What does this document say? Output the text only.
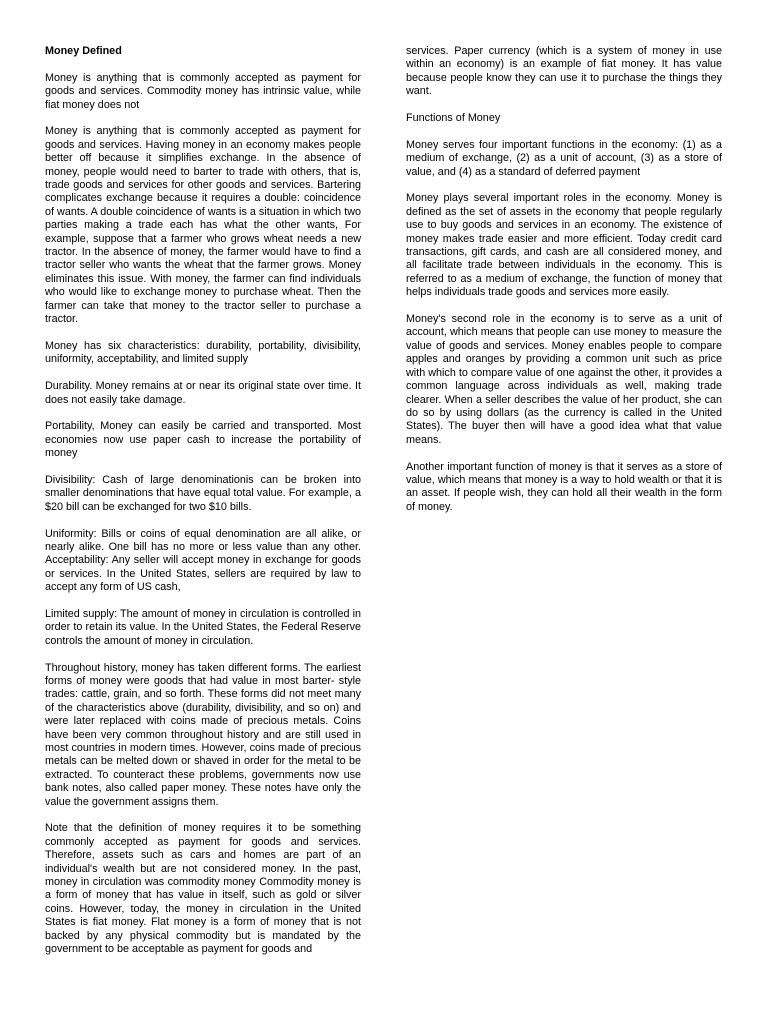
Money Defined

Money is anything that is commonly accepted as payment for goods and services. Commodity money has intrinsic value, while fiat money does not

Money is anything that is commonly accepted as payment for goods and services. Having money in an economy makes people better off because it simplifies exchange. In the absence of money, people would need to barter to trade with others, that is, trade goods and services for other goods and services. Bartering complicates exchange because it requires a double: coincidence of wants. A double coincidence of wants is a situation in which two parties making a trade each has what the other wants, For example, suppose that a farmer who grows wheat needs a new tractor. In the absence of money, the farmer would have to find a tractor seller who wants the wheat that the farmer grows. Money eliminates this issue. With money, the farmer can find individuals who would like to exchange money to purchase wheat. Then the farmer can take that money to the tractor seller to purchase a tractor.

Money has six characteristics: durability, portability, divisibility, uniformity, acceptability, and limited supply

Durability. Money remains at or near its original state over time. It does not easily take damage.

Portability, Money can easily be carried and transported. Most economies now use paper cash to increase the portability of money

Divisibility: Cash of large denominationis can be broken into smaller denominations that have equal total value. For example, a $20 bill can be exchanged for two $10 bills.

Uniformity: Bills or coins of equal denomination are all alike, or nearly alike. One bill has no more or less value than any other. Acceptability: Any seller will accept money in exchange for goods or services. In the United States, sellers are required by law to accept any form of US cash,

Limited supply: The amount of money in circulation is controlled in order to retain its value. In the United States, the Federal Reserve controls the amount of money in circulation.

Throughout history, money has taken different forms. The earliest forms of money were goods that had value in most barter- style trades: cattle, grain, and so forth. These forms did not meet many of the characteristics above (durability, divisibility, and so on) and were later replaced with coins made of precious metals. Coins have been very common throughout history and are still used in most countries in modern times. However, coins made of precious metals can be melted down or shaved in order for the metal to be extracted. To counteract these problems, governments now use bank notes, also called paper money. These notes have only the value the government assigns them.

Note that the definition of money requires it to be something commonly accepted as payment for goods and services. Therefore, assets such as cars and homes are part of an individual's wealth but are not considered money. In the past, money in circulation was commodity money Commodity money is a form of money that has value in itself, such as gold or silver coins. However, today, the money in circulation in the United States is fiat money. Flat money is a form of money that is not backed by any physical commodity but is mandated by the government to be acceptable as payment for goods and

services. Paper currency (which is a system of money in use within an economy) is an example of fiat money. It has value because people know they can use it to purchase the things they want.

Functions of Money

Money serves four important functions in the economy: (1) as a medium of exchange, (2) as a unit of account, (3) as a store of value, and (4) as a standard of deferred payment

Money plays several important roles in the economy. Money is defined as the set of assets in the economy that people regularly use to buy goods and services in an economy. The existence of money makes trade easier and more efficient. Today credit card transactions, gift cards, and cash are all considered money, and all facilitate trade between individuals in the economy. This is referred to as a medium of exchange, the function of money that helps individuals trade goods and services more easily.

Money's second role in the economy is to serve as a unit of account, which means that people can use money to measure the value of goods and services. Money enables people to compare apples and oranges by providing a common unit such as price with which to compare value of one against the other, it provides a common language across individuals as well, making trade clearer. When a seller describes the value of her product, she can do so by using dollars (as the currency is called in the United States). The buyer then will have a good idea what that value means.

Another important function of money is that it serves as a store of value, which means that money is a way to hold wealth or that it is an asset. If people wish, they can hold all their wealth in the form of money.
